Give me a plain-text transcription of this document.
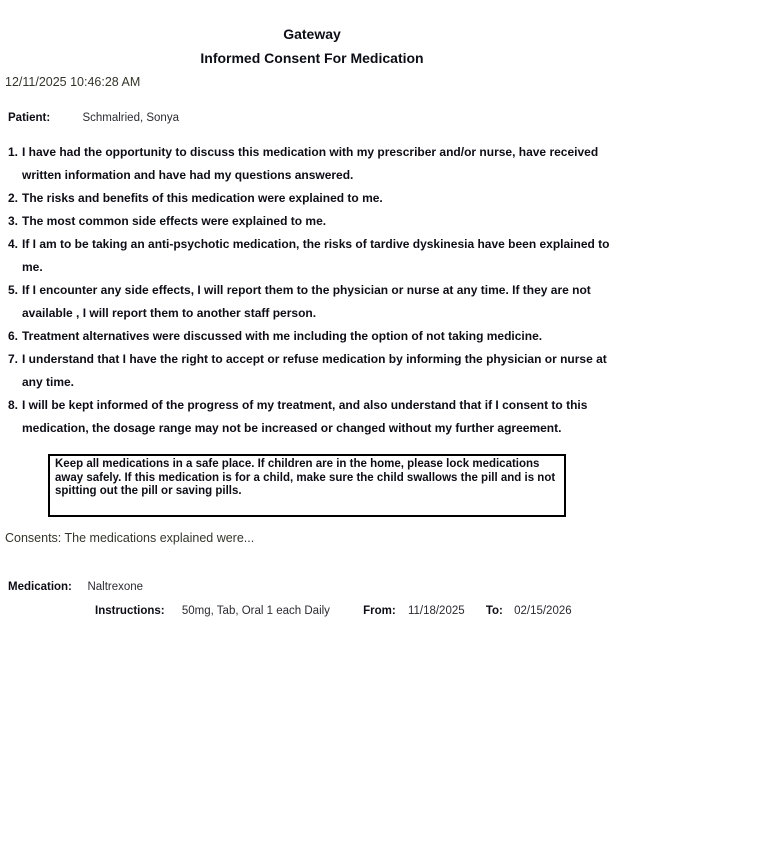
Gateway
Informed Consent For Medication
12/11/2025 10:46:28 AM
Patient:	Schmalried, Sonya
1. I have had the opportunity to discuss this medication with my prescriber and/or nurse, have received written information and have had my questions answered.
2. The risks and benefits of this medication were explained to me.
3. The most common side effects were explained to me.
4. If I am to be taking an anti-psychotic medication, the risks of tardive dyskinesia have been explained to me.
5. If I encounter any side effects, I will report them to the physician or nurse at any time. If they are not available , I will report them to another staff person.
6. Treatment alternatives were discussed with me including the option of not taking medicine.
7. I understand that I have the right to accept or refuse medication by informing the physician or nurse at any time.
8. I will be kept informed of the progress of my treatment, and also understand that if I consent to this medication, the dosage range may not be increased or changed without my further agreement.
Keep all medications in a safe place. If children are in the home, please lock medications away safely. If this medication is for a child, make sure the child swallows the pill and is not spitting out the pill or saving pills.
Consents: The medications explained were...
Medication: Naltrexone
Instructions: 50mg, Tab, Oral 1 each Daily	From: 11/18/2025 To: 02/15/2026
